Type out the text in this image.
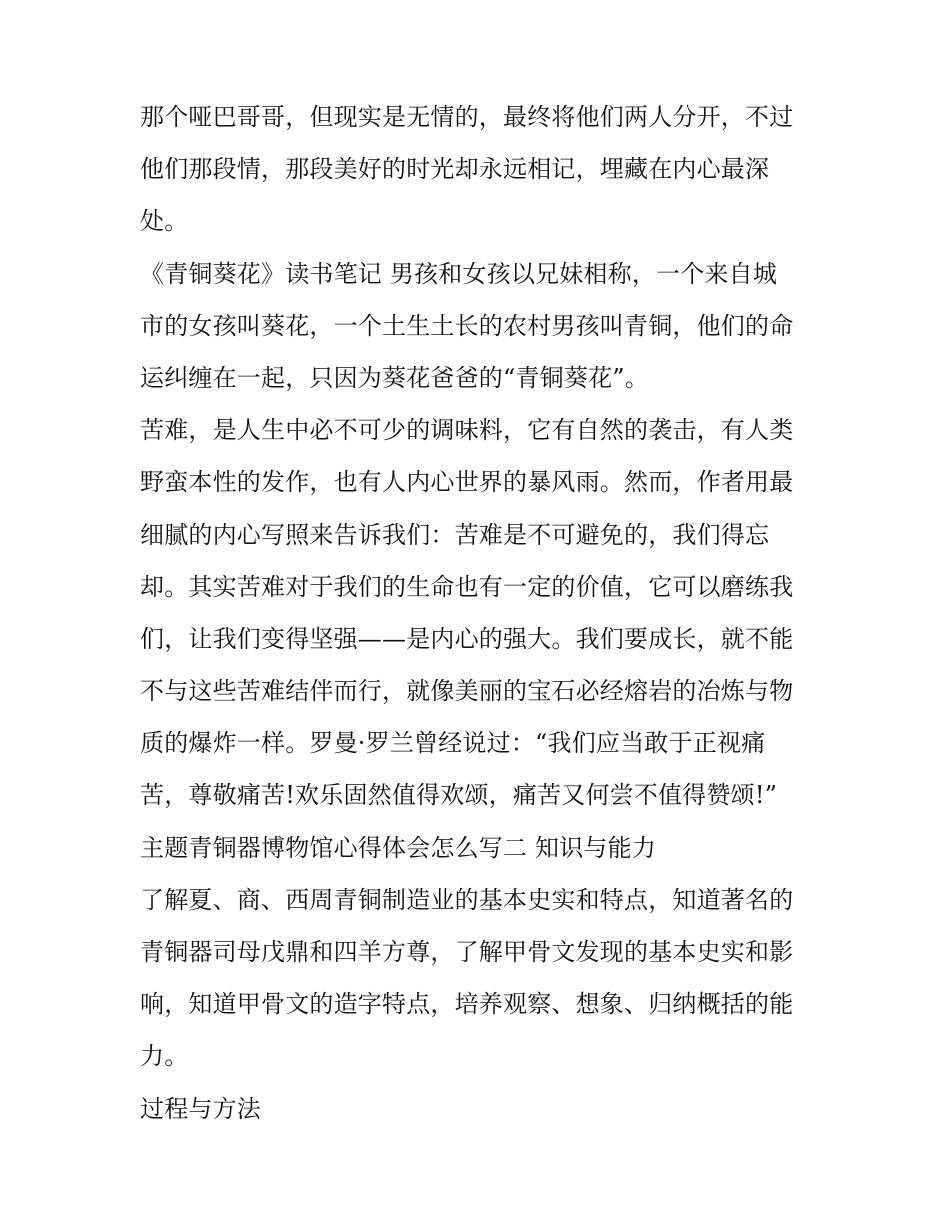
那个哑巴哥哥，但现实是无情的，最终将他们两人分开，不过
他们那段情，那段美好的时光却永远相记，埋藏在内心最深
处。
《青铜葵花》读书笔记 男孩和女孩以兄妹相称，一个来自城
市的女孩叫葵花，一个土生土长的农村男孩叫青铜，他们的命
运纠缠在一起，只因为葵花爸爸的“青铜葵花”。
苦难，是人生中必不可少的调味料，它有自然的袭击，有人类
野蛮本性的发作，也有人内心世界的暴风雨。然而，作者用最
细腻的内心写照来告诉我们：苦难是不可避免的，我们得忘
却。其实苦难对于我们的生命也有一定的价值，它可以磨练我
们，让我们变得坚强——是内心的强大。我们要成长，就不能
不与这些苦难结伴而行，就像美丽的宝石必经熔岩的冶炼与物
质的爆炸一样。罗曼·罗兰曾经说过：“我们应当敢于正视痛
苦，尊敬痛苦!欢乐固然值得欢颂，痛苦又何尝不值得赞颂!”
主题青铜器博物馆心得体会怎么写二 知识与能力
了解夏、商、西周青铜制造业的基本史实和特点，知道著名的
青铜器司母戊鼎和四羊方尊，了解甲骨文发现的基本史实和影
响，知道甲骨文的造字特点，培养观察、想象、归纳概括的能
力。
过程与方法
